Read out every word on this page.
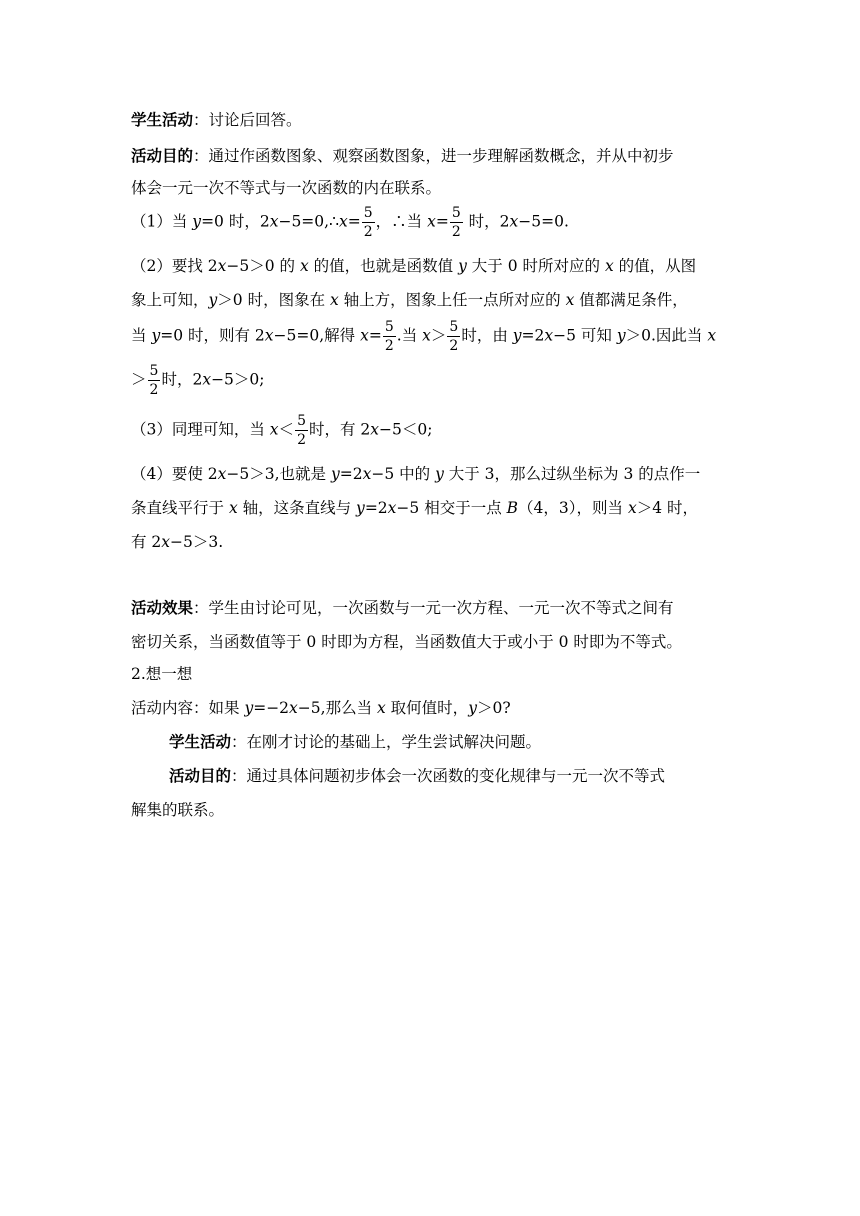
学生活动：讨论后回答。
活动目的：通过作函数图象、观察函数图象，进一步理解函数概念，并从中初步
体会一元一次不等式与一次函数的内在联系。
（1）当 y=0 时，2x−5=0,∴x= $\frac{5}{2}$ ，∴当 $x= \frac{5}{2}$ 时，2x−5=0.
（2）要找 2x−5＞0 的 x 的值，也就是函数值 y 大于 0 时所对应的 x 的值，从图
象上可知，y＞0 时，图象在 x 轴上方，图象上任一点所对应的 x 值都满足条件，
当 y=0 时，则有 2x−5=0,解得 $x= \frac{5}{2}$ .当 $x> \frac{5}{2}$ 时，由 y=2x−5 可知 y＞0.因此当 x
＞ $\frac{5}{2}$ 时，2x−5＞0;
（3）同理可知，当 $x< \frac{5}{2}$ 时，有 2x−5＜0;
（4）要使 2x−5＞3,也就是 y=2x−5 中的 y 大于 3，那么过纵坐标为 3 的点作一
条直线平行于 x 轴，这条直线与 y=2x−5 相交于一点 B（4，3），则当 x＞4 时，
有 2x−5＞3.
活动效果：学生由讨论可见，一次函数与一元一次方程、一元一次不等式之间有
密切关系，当函数值等于 0 时即为方程，当函数值大于或小于 0 时即为不等式。
2.想一想
活动内容：如果 y=−2x−5,那么当 x 取何值时，y＞0?
学生活动：在刚才讨论的基础上，学生尝试解决问题。
活动目的：通过具体问题初步体会一次函数的变化规律与一元一次不等式
解集的联系。
